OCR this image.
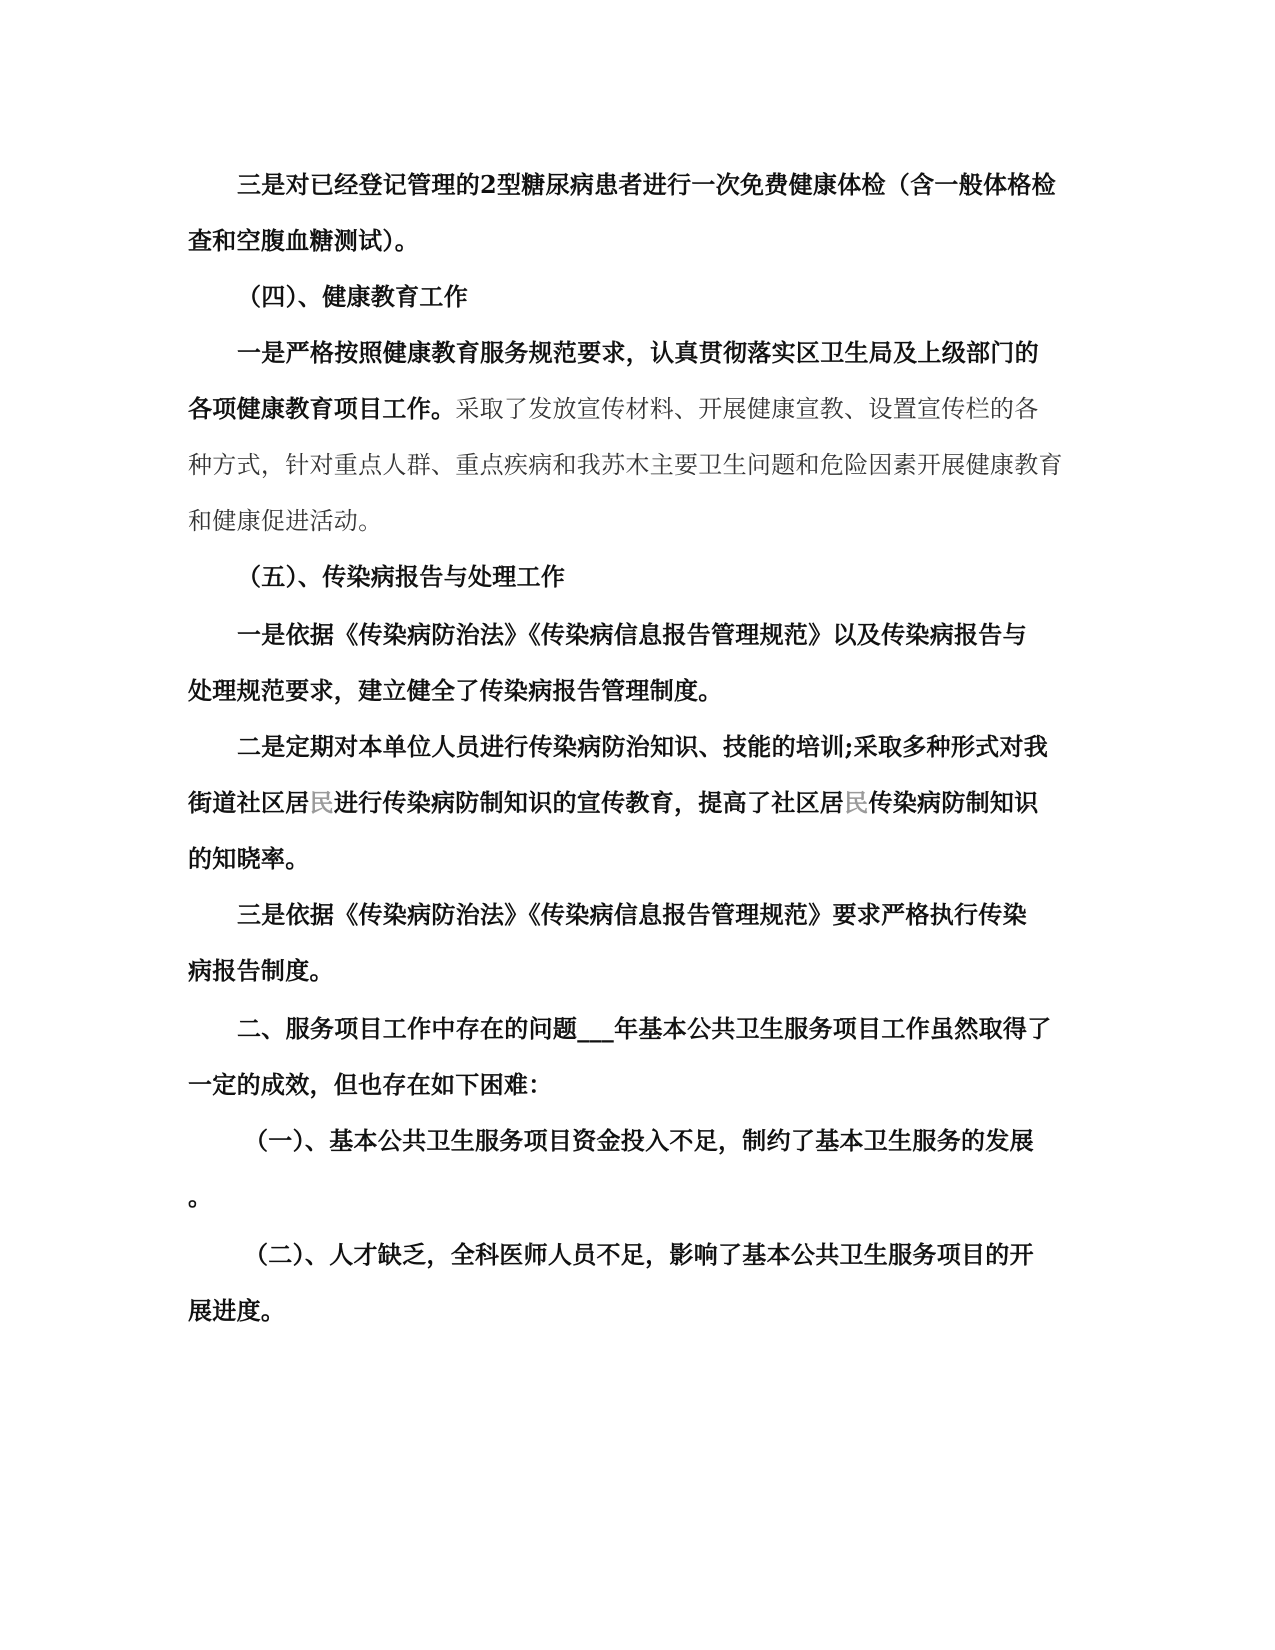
三是对已经登记管理的2型糖尿病患者进行一次免费健康体检（含一般体格检
查和空腹血糖测试）。
（四）、健康教育工作
一是严格按照健康教育服务规范要求，认真贯彻落实区卫生局及上级部门的
各项健康教育项目工作。采取了发放宣传材料、开展健康宣教、设置宣传栏的各
种方式，针对重点人群、重点疾病和我苏木主要卫生问题和危险因素开展健康教育
和健康促进活动。
（五）、传染病报告与处理工作
一是依据《传染病防治法》《传染病信息报告管理规范》以及传染病报告与
处理规范要求，建立健全了传染病报告管理制度。
二是定期对本单位人员进行传染病防治知识、技能的培训;采取多种形式对我
街道社区居民进行传染病防制知识的宣传教育，提高了社区居民传染病防制知识
的知晓率。
三是依据《传染病防治法》《传染病信息报告管理规范》要求严格执行传染
病报告制度。
二、服务项目工作中存在的问题___年基本公共卫生服务项目工作虽然取得了
一定的成效，但也存在如下困难：
（一）、基本公共卫生服务项目资金投入不足，制约了基本卫生服务的发展
。
（二）、人才缺乏，全科医师人员不足，影响了基本公共卫生服务项目的开
展进度。
